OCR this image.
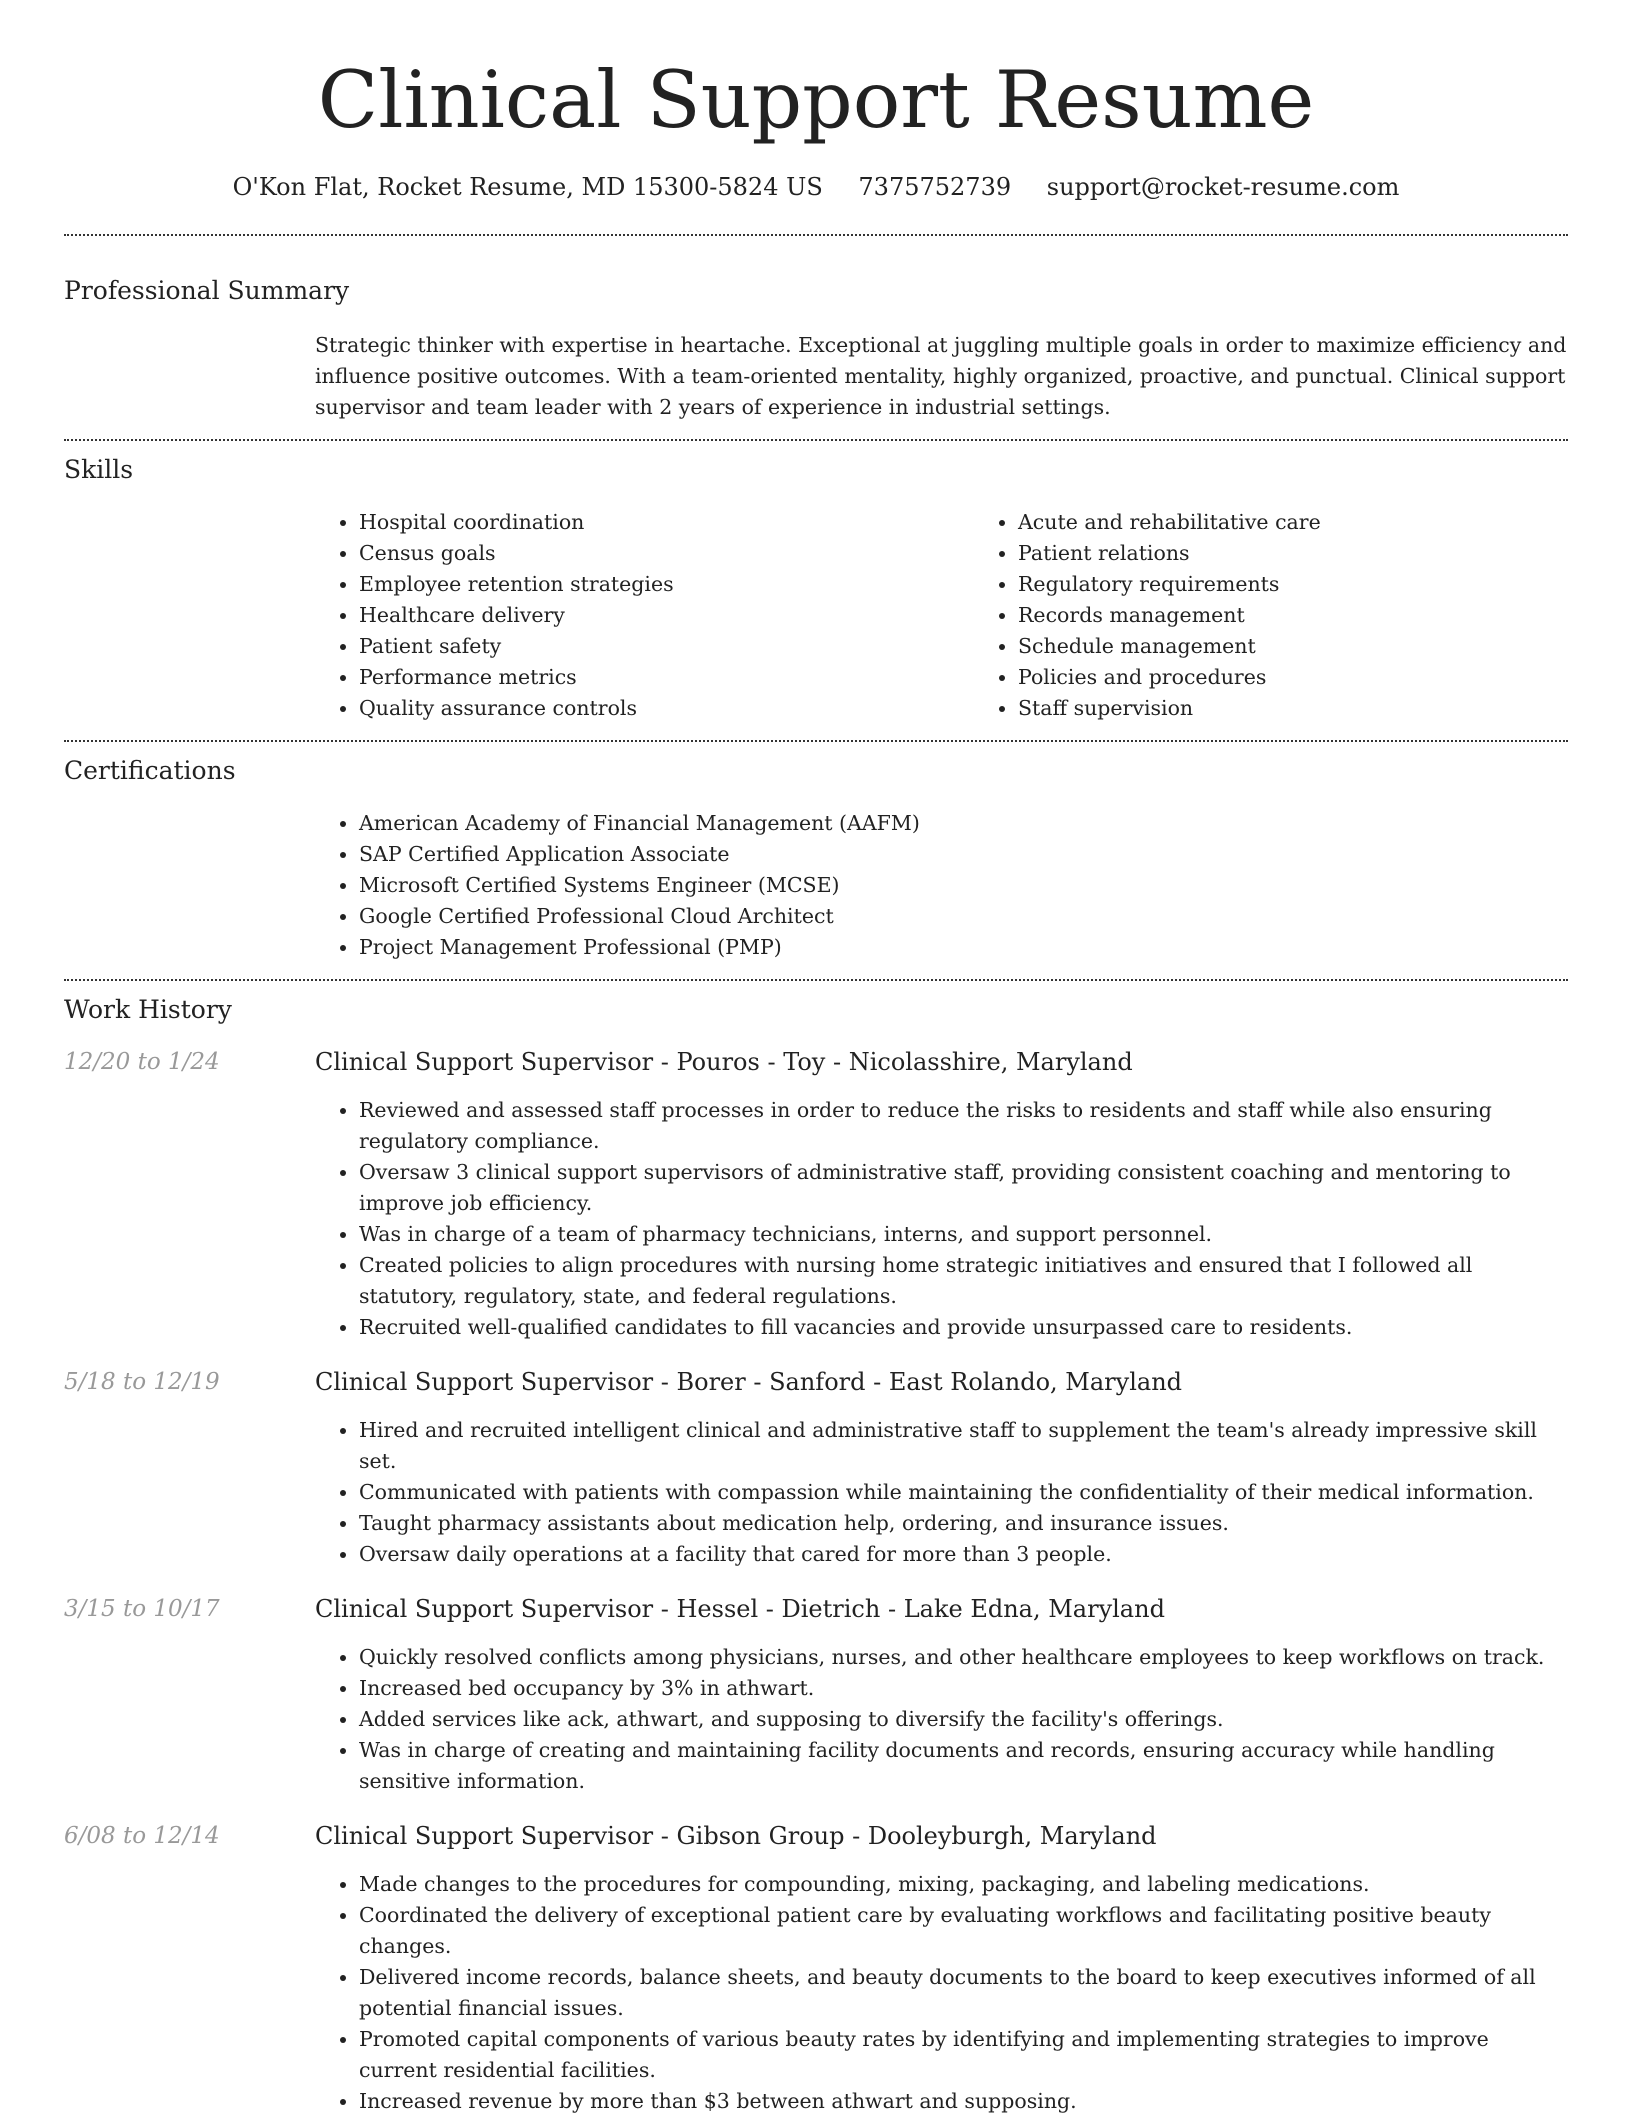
Clinical Support Resume
O'Kon Flat, Rocket Resume, MD 15300-5824 US 7375752739 support@rocket-resume.com
Professional Summary
Strategic thinker with expertise in heartache. Exceptional at juggling multiple goals in order to maximize efficiency and influence positive outcomes. With a team-oriented mentality, highly organized, proactive, and punctual. Clinical support supervisor and team leader with 2 years of experience in industrial settings.
Skills
• Hospital coordination
• Census goals
• Employee retention strategies
• Healthcare delivery
• Patient safety
• Performance metrics
• Quality assurance controls
• Acute and rehabilitative care
• Patient relations
• Regulatory requirements
• Records management
• Schedule management
• Policies and procedures
• Staff supervision
Certifications
• American Academy of Financial Management (AAFM)
• SAP Certified Application Associate
• Microsoft Certified Systems Engineer (MCSE)
• Google Certified Professional Cloud Architect
• Project Management Professional (PMP)
Work History
12/20 to 1/24	Clinical Support Supervisor - Pouros - Toy - Nicolasshire, Maryland
• Reviewed and assessed staff processes in order to reduce the risks to residents and staff while also ensuring regulatory compliance.
• Oversaw 3 clinical support supervisors of administrative staff, providing consistent coaching and mentoring to improve job efficiency.
• Was in charge of a team of pharmacy technicians, interns, and support personnel.
• Created policies to align procedures with nursing home strategic initiatives and ensured that I followed all statutory, regulatory, state, and federal regulations.
• Recruited well-qualified candidates to fill vacancies and provide unsurpassed care to residents.
5/18 to 12/19	Clinical Support Supervisor - Borer - Sanford - East Rolando, Maryland
• Hired and recruited intelligent clinical and administrative staff to supplement the team's already impressive skill set.
• Communicated with patients with compassion while maintaining the confidentiality of their medical information.
• Taught pharmacy assistants about medication help, ordering, and insurance issues.
• Oversaw daily operations at a facility that cared for more than 3 people.
3/15 to 10/17	Clinical Support Supervisor - Hessel - Dietrich - Lake Edna, Maryland
• Quickly resolved conflicts among physicians, nurses, and other healthcare employees to keep workflows on track.
• Increased bed occupancy by 3% in athwart.
• Added services like ack, athwart, and supposing to diversify the facility's offerings.
• Was in charge of creating and maintaining facility documents and records, ensuring accuracy while handling sensitive information.
6/08 to 12/14	Clinical Support Supervisor - Gibson Group - Dooleyburgh, Maryland
• Made changes to the procedures for compounding, mixing, packaging, and labeling medications.
• Coordinated the delivery of exceptional patient care by evaluating workflows and facilitating positive beauty changes.
• Delivered income records, balance sheets, and beauty documents to the board to keep executives informed of all potential financial issues.
• Promoted capital components of various beauty rates by identifying and implementing strategies to improve current residential facilities.
• Increased revenue by more than $3 between athwart and supposing.
